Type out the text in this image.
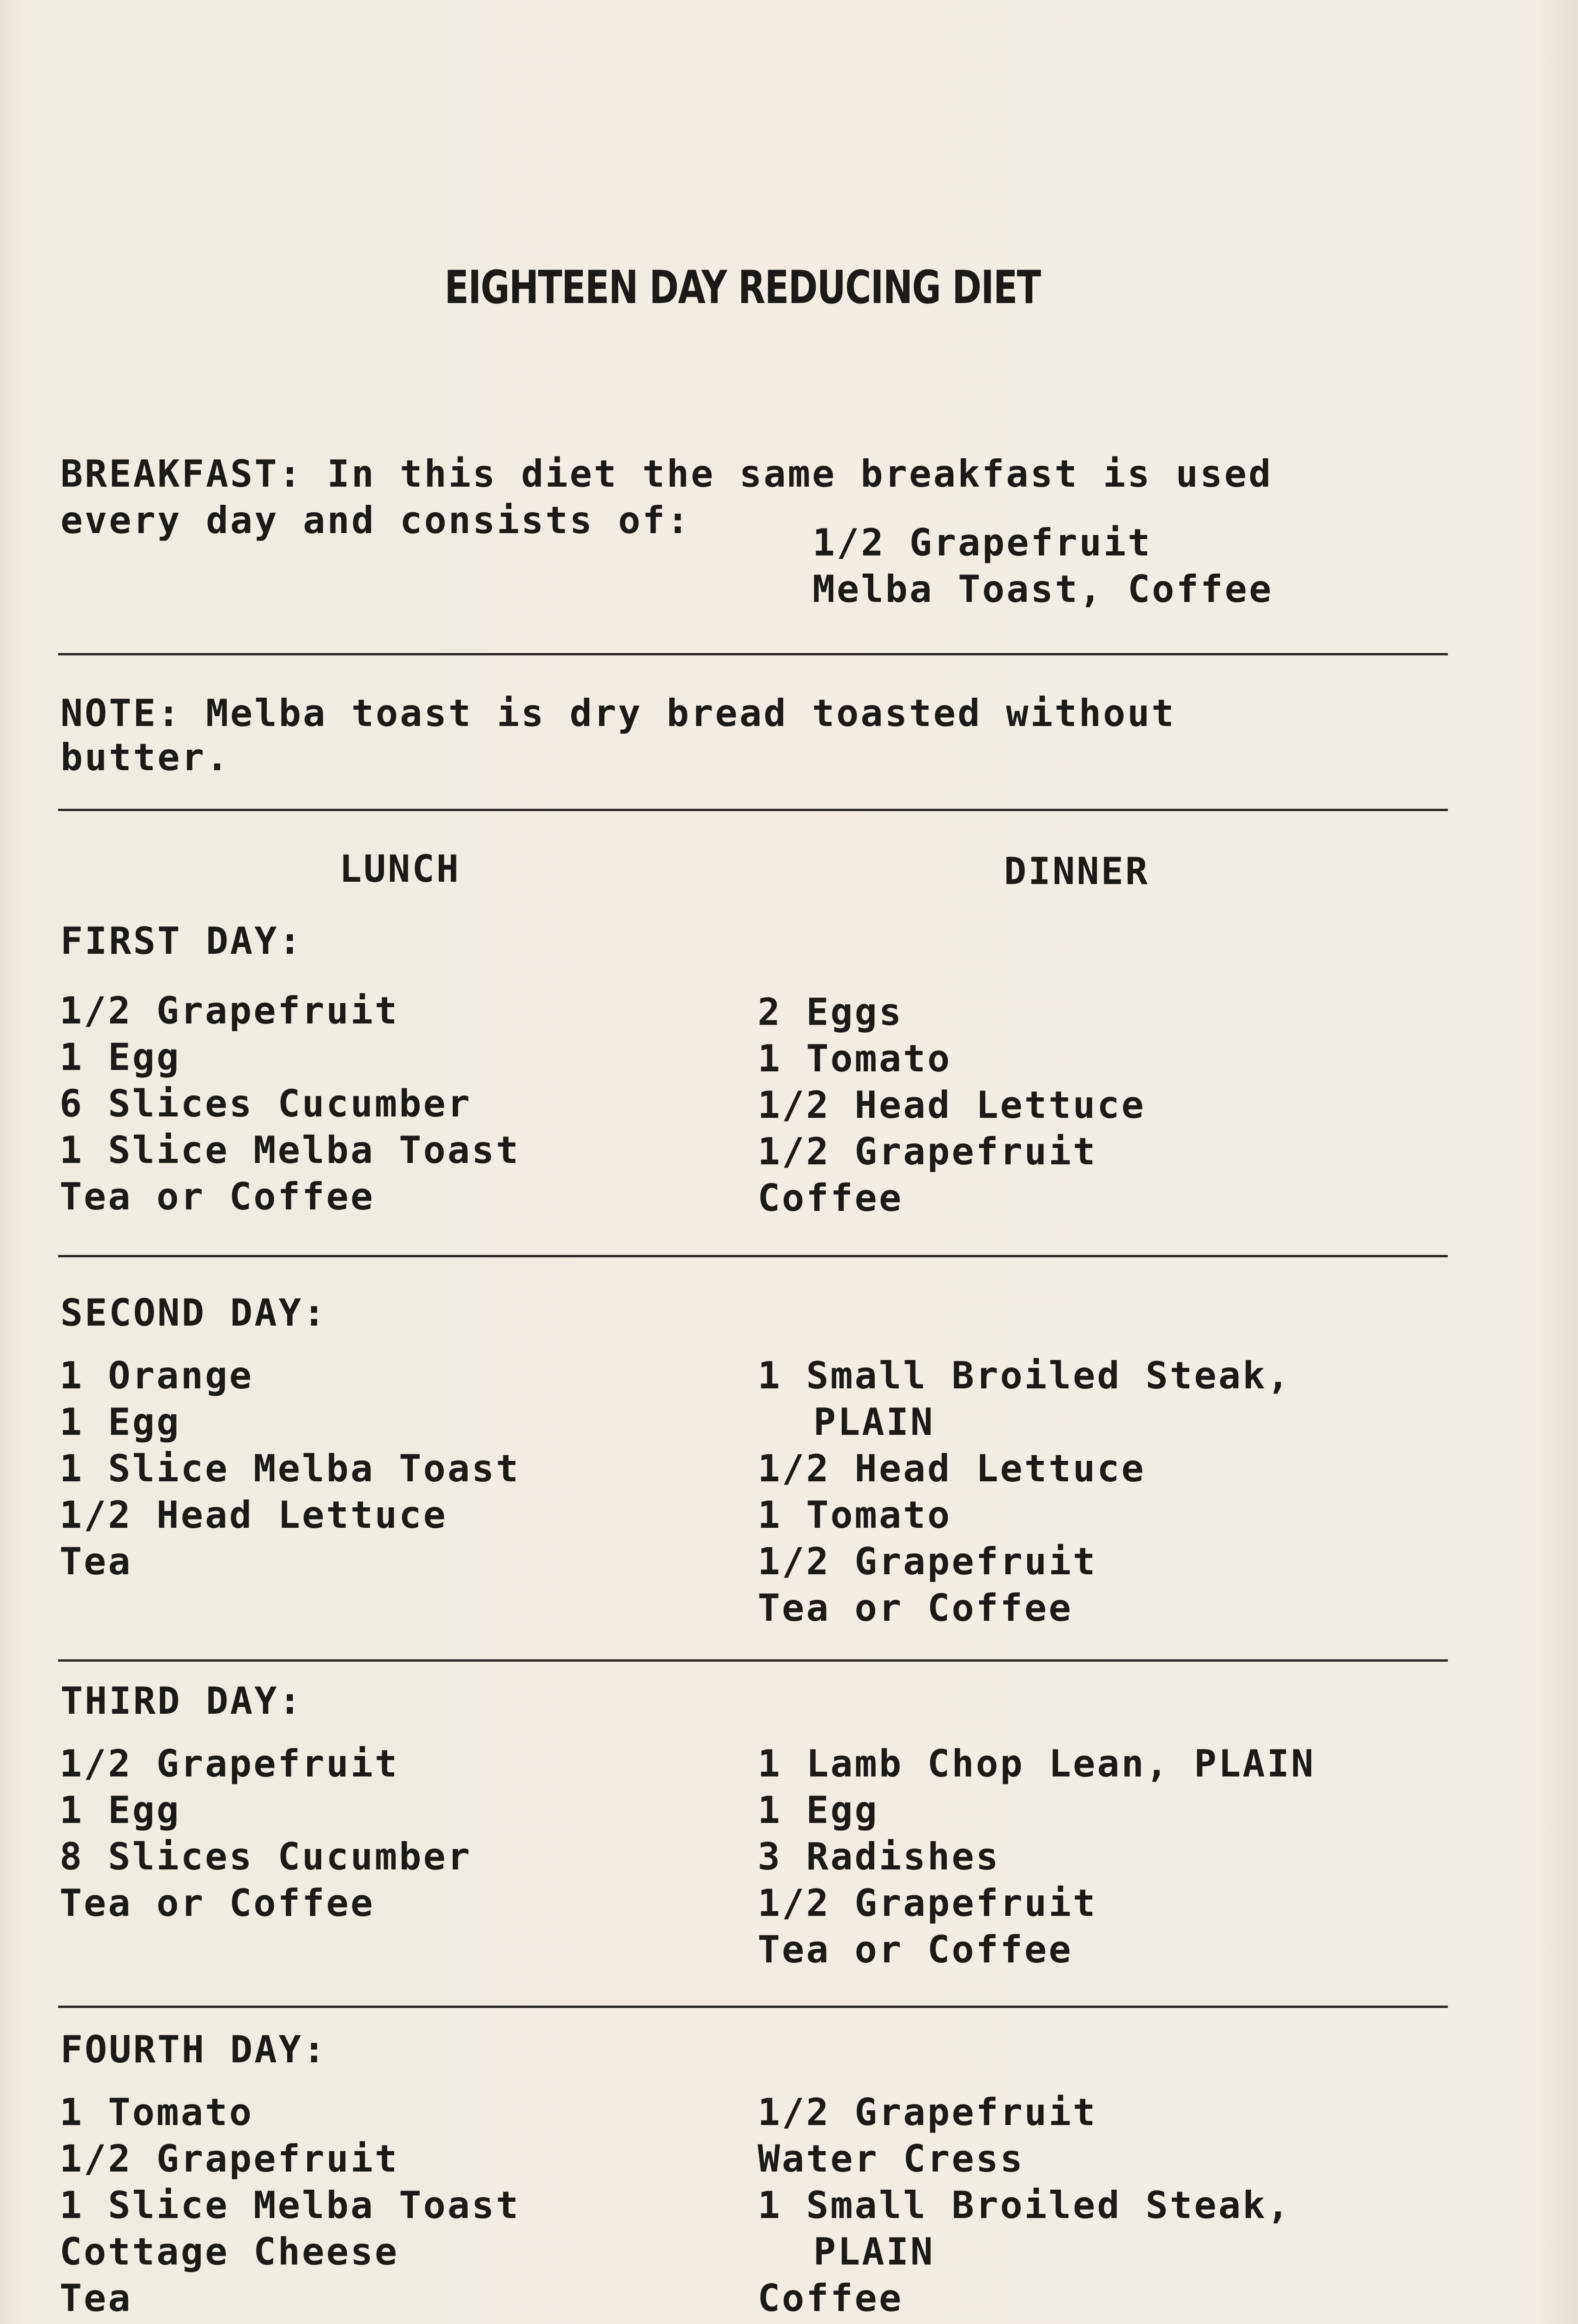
EIGHTEEN DAY REDUCING DIET
BREAKFAST: In this diet the same breakfast is used
every day and consists of:
1/2 Grapefruit
Melba Toast, Coffee
NOTE: Melba toast is dry bread toasted without
butter.
LUNCH	DINNER
FIRST DAY:
1/2 Grapefruit
1 Egg
6 Slices Cucumber
1 Slice Melba Toast
Tea or Coffee
2 Eggs
1 Tomato
1/2 Head Lettuce
1/2 Grapefruit
Coffee
SECOND DAY:
1 Orange
1 Egg
1 Slice Melba Toast
1/2 Head Lettuce
Tea
1 Small Broiled Steak,
PLAIN
1/2 Head Lettuce
1 Tomato
1/2 Grapefruit
Tea or Coffee
THIRD DAY:
1/2 Grapefruit
1 Egg
8 Slices Cucumber
Tea or Coffee
1 Lamb Chop Lean, PLAIN
1 Egg
3 Radishes
1/2 Grapefruit
Tea or Coffee
FOURTH DAY:
1 Tomato
1/2 Grapefruit
1 Slice Melba Toast
Cottage Cheese
Tea
1/2 Grapefruit
Water Cress
1 Small Broiled Steak,
PLAIN
Coffee
